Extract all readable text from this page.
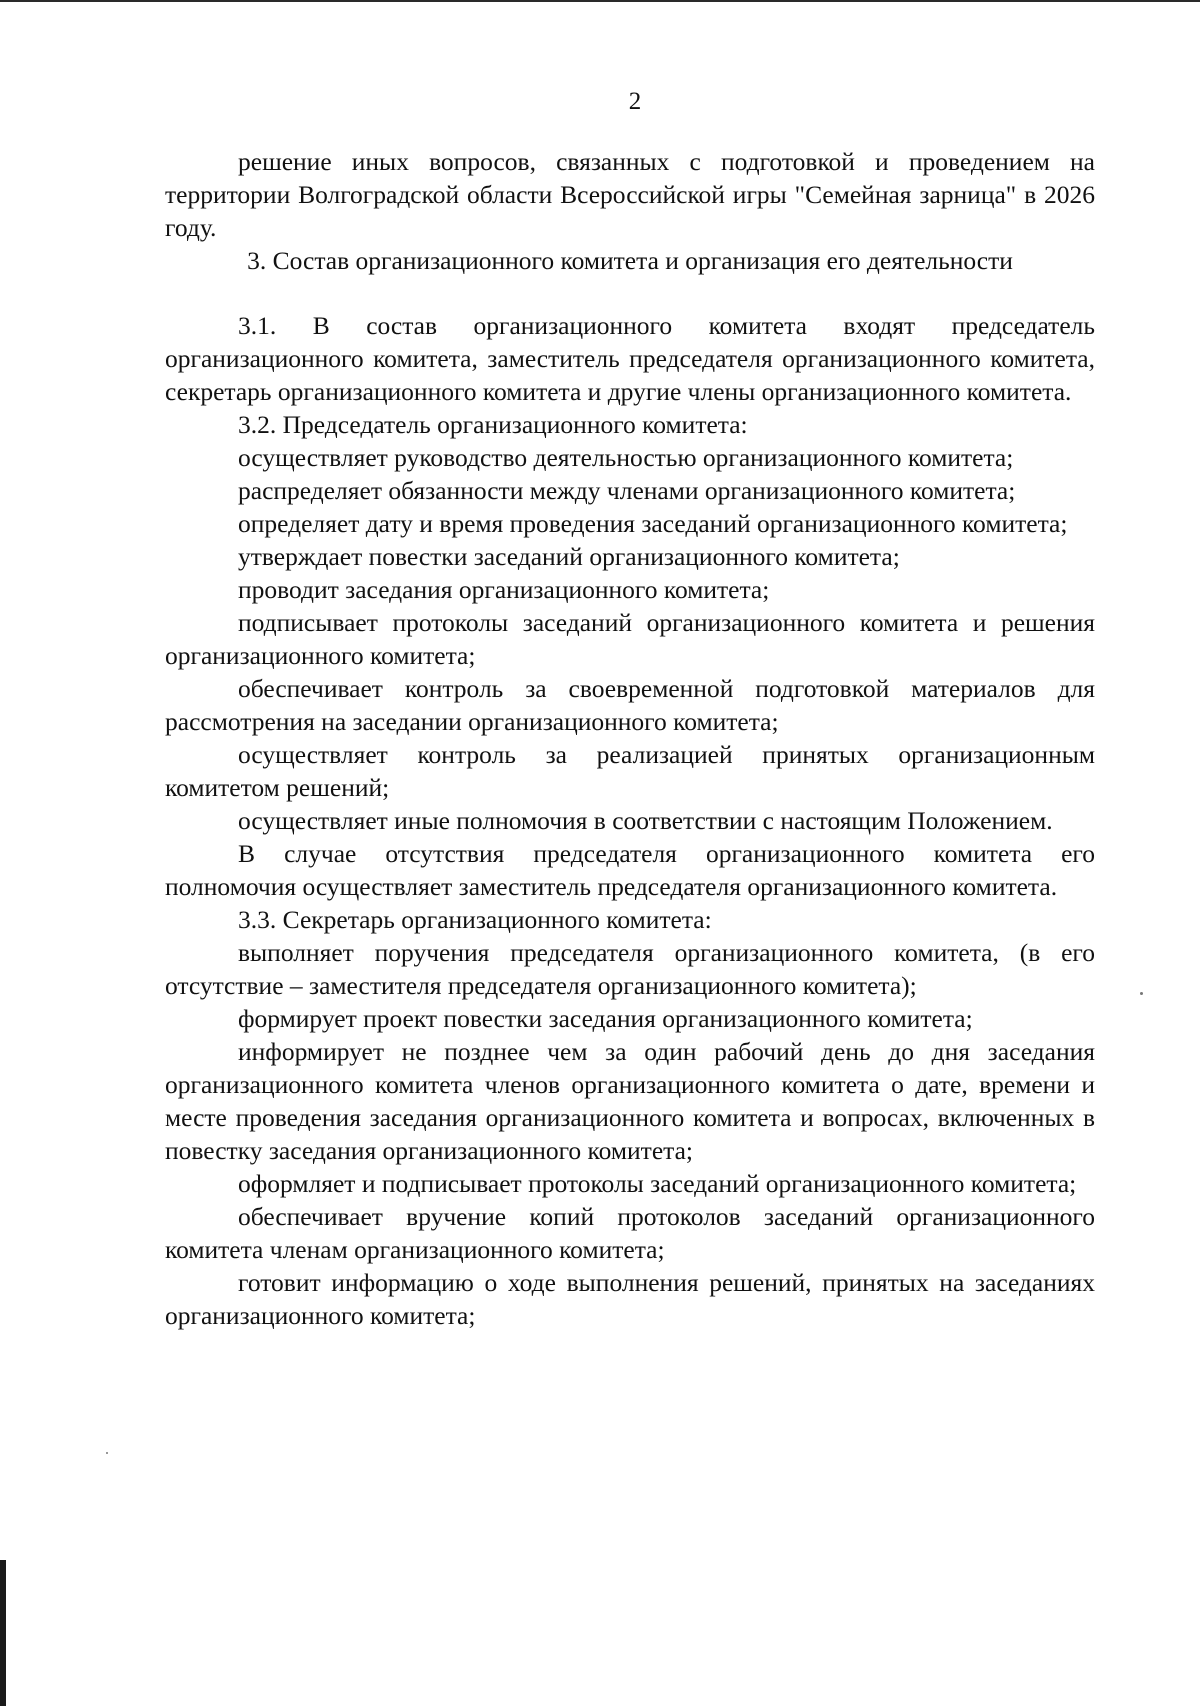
2

решение иных вопросов, связанных с подготовкой и проведением на территории Волгоградской области Всероссийской игры "Семейная зарница" в 2026 году.

3. Состав организационного комитета и организация его деятельности

3.1. В состав организационного комитета входят председатель организационного комитета, заместитель председателя организационного комитета, секретарь организационного комитета и другие члены организационного комитета.

3.2. Председатель организационного комитета:

осуществляет руководство деятельностью организационного комитета;

распределяет обязанности между членами организационного комитета;

определяет дату и время проведения заседаний организационного комитета;

утверждает повестки заседаний организационного комитета;

проводит заседания организационного комитета;

подписывает протоколы заседаний организационного комитета и решения организационного комитета;

обеспечивает контроль за своевременной подготовкой материалов для рассмотрения на заседании организационного комитета;

осуществляет контроль за реализацией принятых организационным комитетом решений;

осуществляет иные полномочия в соответствии с настоящим Положением.

В случае отсутствия председателя организационного комитета его полномочия осуществляет заместитель председателя организационного комитета.

3.3. Секретарь организационного комитета:

выполняет поручения председателя организационного комитета, (в его отсутствие – заместителя председателя организационного комитета);

формирует проект повестки заседания организационного комитета;

информирует не позднее чем за один рабочий день до дня заседания организационного комитета членов организационного комитета о дате, времени и месте проведения заседания организационного комитета и вопросах, включенных в повестку заседания организационного комитета;

оформляет и подписывает протоколы заседаний организационного комитета;

обеспечивает вручение копий протоколов заседаний организационного комитета членам организационного комитета;

готовит информацию о ходе выполнения решений, принятых на заседаниях организационного комитета;
